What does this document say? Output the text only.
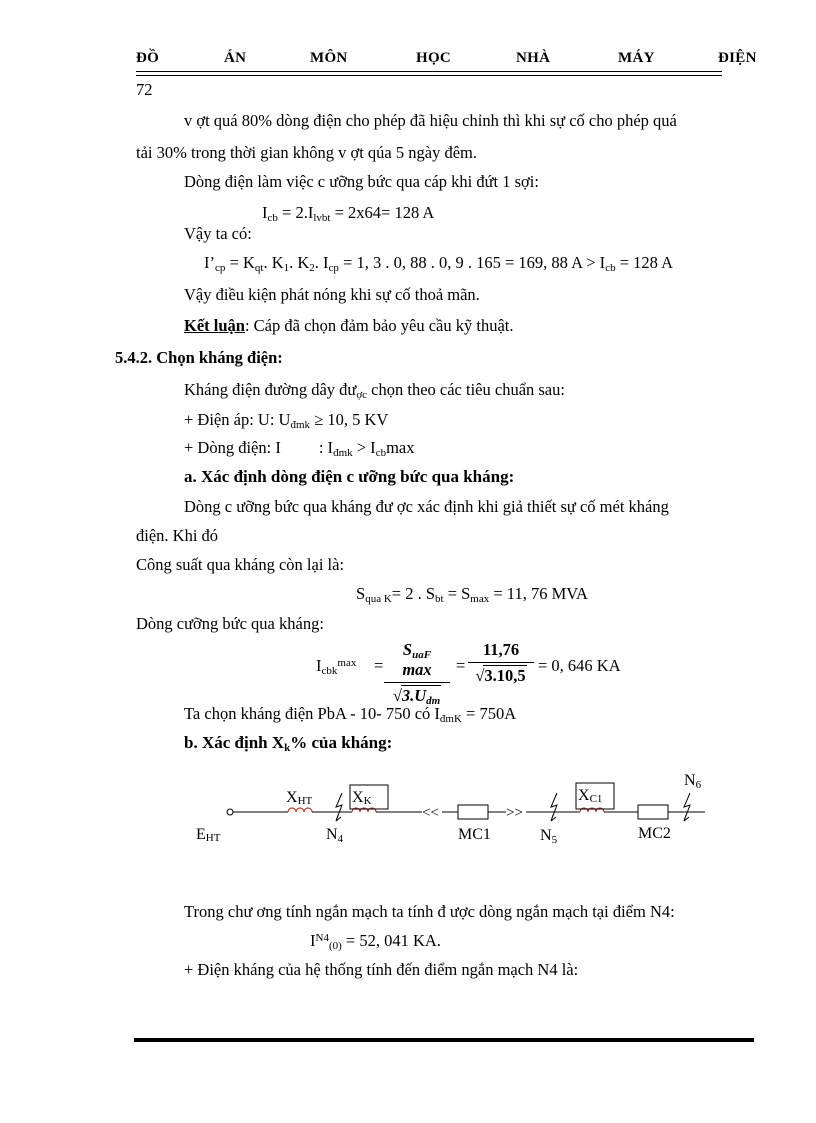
ĐỒ	ÁN	MÔN	HỌC	NHÀ	MÁY	ĐIỆN
72
v ợt quá 80% dòng điện cho phép đã hiệu chỉnh thì khi sự cố cho phép quá
tải 30% trong thời gian không v ợt qúa 5 ngày đêm.
Dòng điện làm việc c ưỡng bức qua cáp khi đứt 1 sợi:
$I_{cb} = 2.I_{lvbt} = 2x64= 128$ A
Vậy ta có:
$I’_{cp} = K_{qt}$. $K_1$. $K_2$. $I_{cp} = 1$, 3 . 0, 88 . 0, 9 . 165 = 169, 88 $A > I_{cb} = 128$ A
Vậy điều kiện phát nóng khi sự cố thoả mãn.
Kết luận: Cáp đã chọn đảm bảo yêu cầu kỹ thuật.
5.4.2. Chọn kháng điện:
Kháng điện đường dây $đư_{ợc}$ chọn theo các tiêu chuẩn sau:
+ Điện áp: U: $U_{đmk} \ge 10$, 5 KV
+ Dòng điện: I : $I_{đmk} > I_{cb}\max$
a. Xác định dòng điện c ưỡng bức qua kháng:
Dòng c ưỡng bức qua kháng đư ợc xác định khi giả thiết sự cố mét kháng
điện. Khi đó
Công suất qua kháng còn lại là:
$S_{qua K}= 2$ . $S_{bt} = S_{max} = 11$, 76 MVA
Dòng cưỡng bức qua kháng:
$I_{cbk}^{max}$ =
$S_{uaF}$ max
$√3.U_{dm}$
= $\frac{11,76}{√3.10,5} = 0$, 646 KA
Ta chọn kháng điện PbA - 10- 750 có $I_{đmK} = 750A$
b. Xác định $X_k\%$ của kháng:
<<	>>
XHT XK	XC1
EHT	N4	MC1	N5	MC2
N6
Trong chư ơng tính ngắn mạch ta tính đ ược dòng ngắn mạch tại điểm N4:
$I^{N4}_{(0)} = 52$, 041 KA.
+ Điện kháng của hệ thống tính đến điểm ngắn mạch N4 là:
